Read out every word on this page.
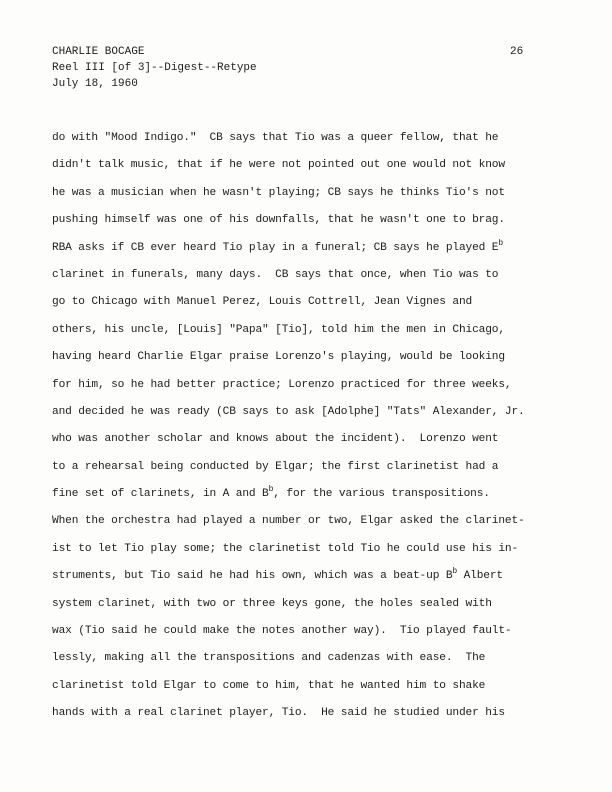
CHARLIE BOCAGE
Reel III [of 3]--Digest--Retype
July 18, 1960
26
do with "Mood Indigo."  CB says that Tio was a queer fellow, that he
didn't talk music, that if he were not pointed out one would not know
he was a musician when he wasn't playing; CB says he thinks Tio's not
pushing himself was one of his downfalls, that he wasn't one to brag.
RBA asks if CB ever heard Tio play in a funeral; CB says he played $E^b$
clarinet in funerals, many days.  CB says that once, when Tio was to
go to Chicago with Manuel Perez, Louis Cottrell, Jean Vignes and
others, his uncle, [Louis] "Papa" [Tio], told him the men in Chicago,
having heard Charlie Elgar praise Lorenzo's playing, would be looking
for him, so he had better practice; Lorenzo practiced for three weeks,
and decided he was ready (CB says to ask [Adolphe] "Tats" Alexander, Jr.
who was another scholar and knows about the incident).  Lorenzo went
to a rehearsal being conducted by Elgar; the first clarinetist had a
fine set of clarinets, in A and $B^b$, for the various transpositions.
When the orchestra had played a number or two, Elgar asked the clarinet-
ist to let Tio play some; the clarinetist told Tio he could use his in-
struments, but Tio said he had his own, which was a beat-up $B^b$ Albert
system clarinet, with two or three keys gone, the holes sealed with
wax (Tio said he could make the notes another way).  Tio played fault-
lessly, making all the transpositions and cadenzas with ease.  The
clarinetist told Elgar to come to him, that he wanted him to shake
hands with a real clarinet player, Tio.  He said he studied under his
